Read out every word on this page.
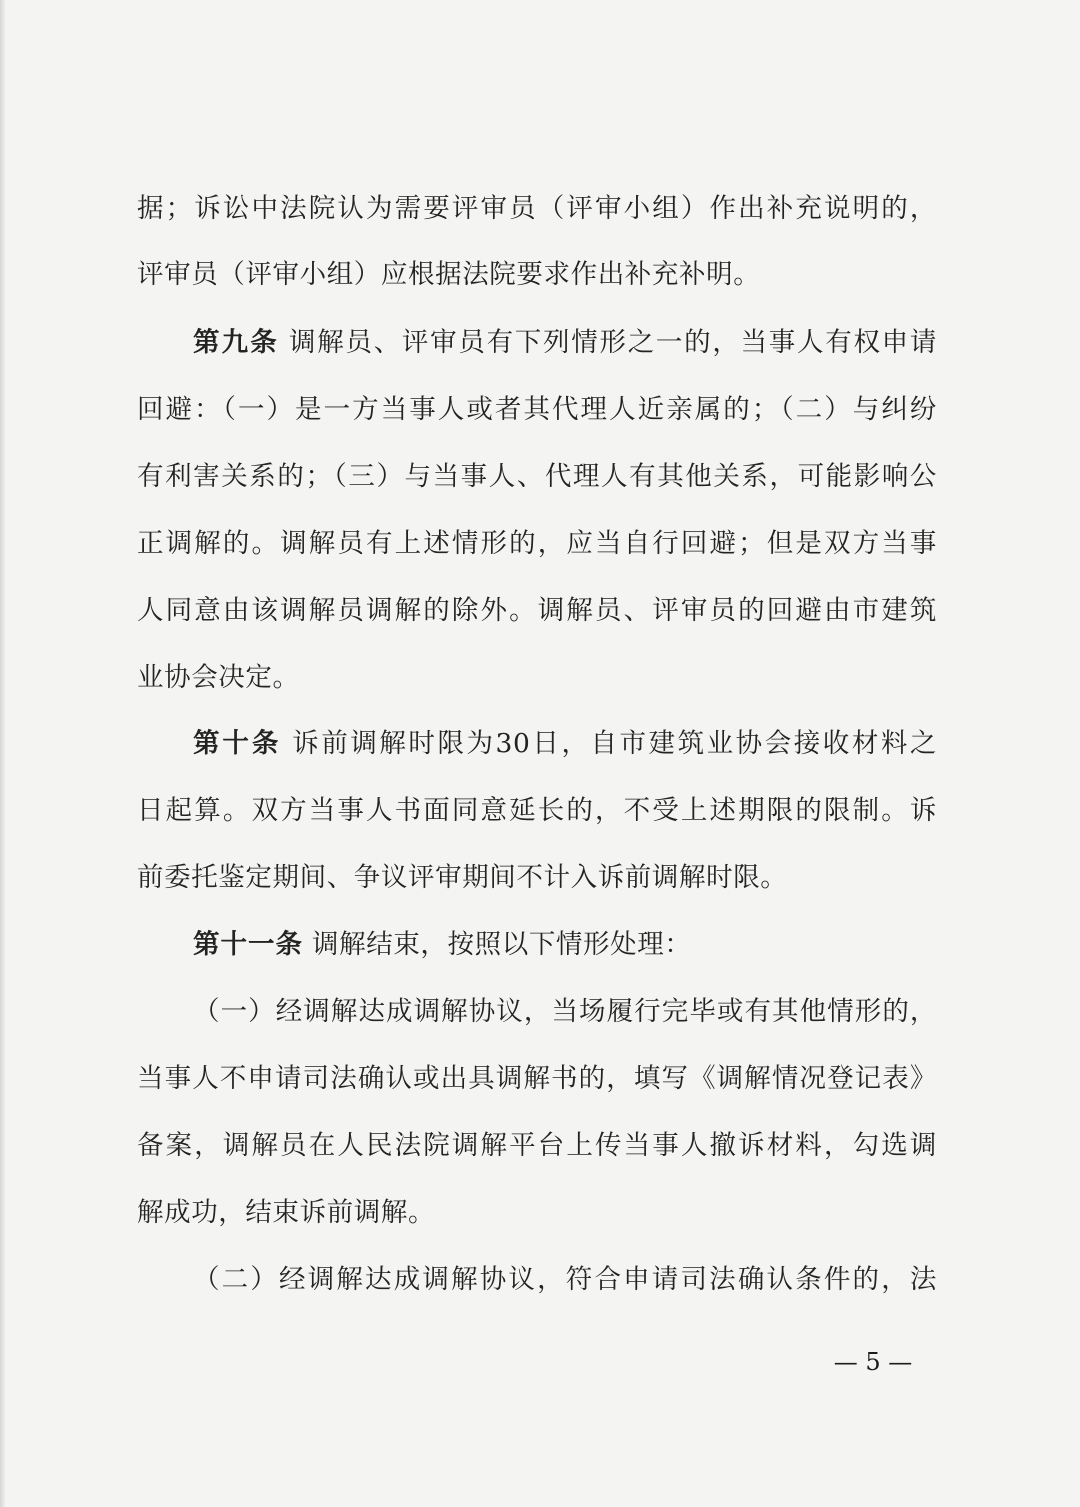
据；诉讼中法院认为需要评审员（评审小组）作出补充说明的，
评审员（评审小组）应根据法院要求作出补充补明。
第九条 调解员、评审员有下列情形之一的，当事人有权申请
回避：（一）是一方当事人或者其代理人近亲属的；（二）与纠纷
有利害关系的；（三）与当事人、代理人有其他关系，可能影响公
正调解的。调解员有上述情形的，应当自行回避；但是双方当事
人同意由该调解员调解的除外。调解员、评审员的回避由市建筑
业协会决定。
第十条 诉前调解时限为30日，自市建筑业协会接收材料之
日起算。双方当事人书面同意延长的，不受上述期限的限制。诉
前委托鉴定期间、争议评审期间不计入诉前调解时限。
第十一条 调解结束，按照以下情形处理：
（一）经调解达成调解协议，当场履行完毕或有其他情形的，
当事人不申请司法确认或出具调解书的，填写《调解情况登记表》
备案，调解员在人民法院调解平台上传当事人撤诉材料，勾选调
解成功，结束诉前调解。
（二）经调解达成调解协议，符合申请司法确认条件的，法
— 5 —
